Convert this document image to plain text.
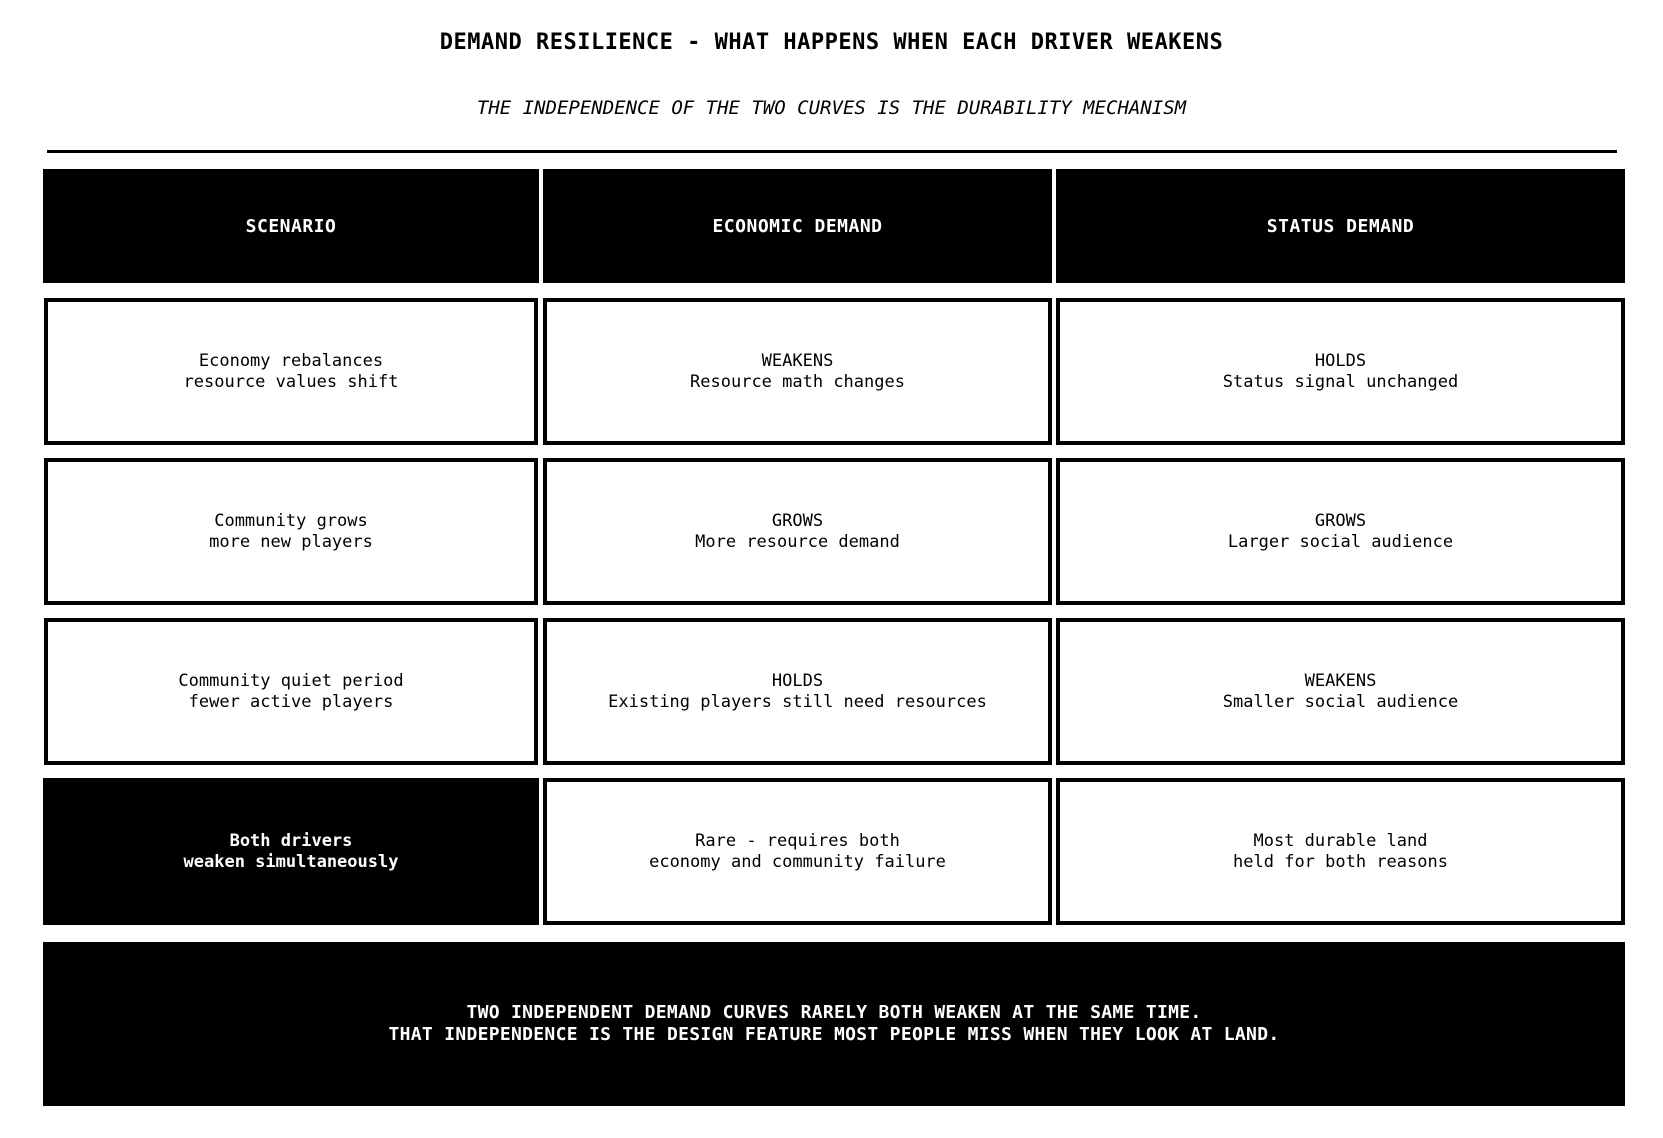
DEMAND RESILIENCE - WHAT HAPPENS WHEN EACH DRIVER WEAKENS
THE INDEPENDENCE OF THE TWO CURVES IS THE DURABILITY MECHANISM
SCENARIO	ECONOMIC DEMAND	STATUS DEMAND
Economy rebalances
resource values shift
WEAKENS
Resource math changes
HOLDS
Status signal unchanged
Community grows
more new players
GROWS
More resource demand
GROWS
Larger social audience
Community quiet period
fewer active players
HOLDS
Existing players still need resources
WEAKENS
Smaller social audience
Both drivers
weaken simultaneously
Rare - requires both
economy and community failure
Most durable land
held for both reasons
TWO INDEPENDENT DEMAND CURVES RARELY BOTH WEAKEN AT THE SAME TIME.
THAT INDEPENDENCE IS THE DESIGN FEATURE MOST PEOPLE MISS WHEN THEY LOOK AT LAND.
